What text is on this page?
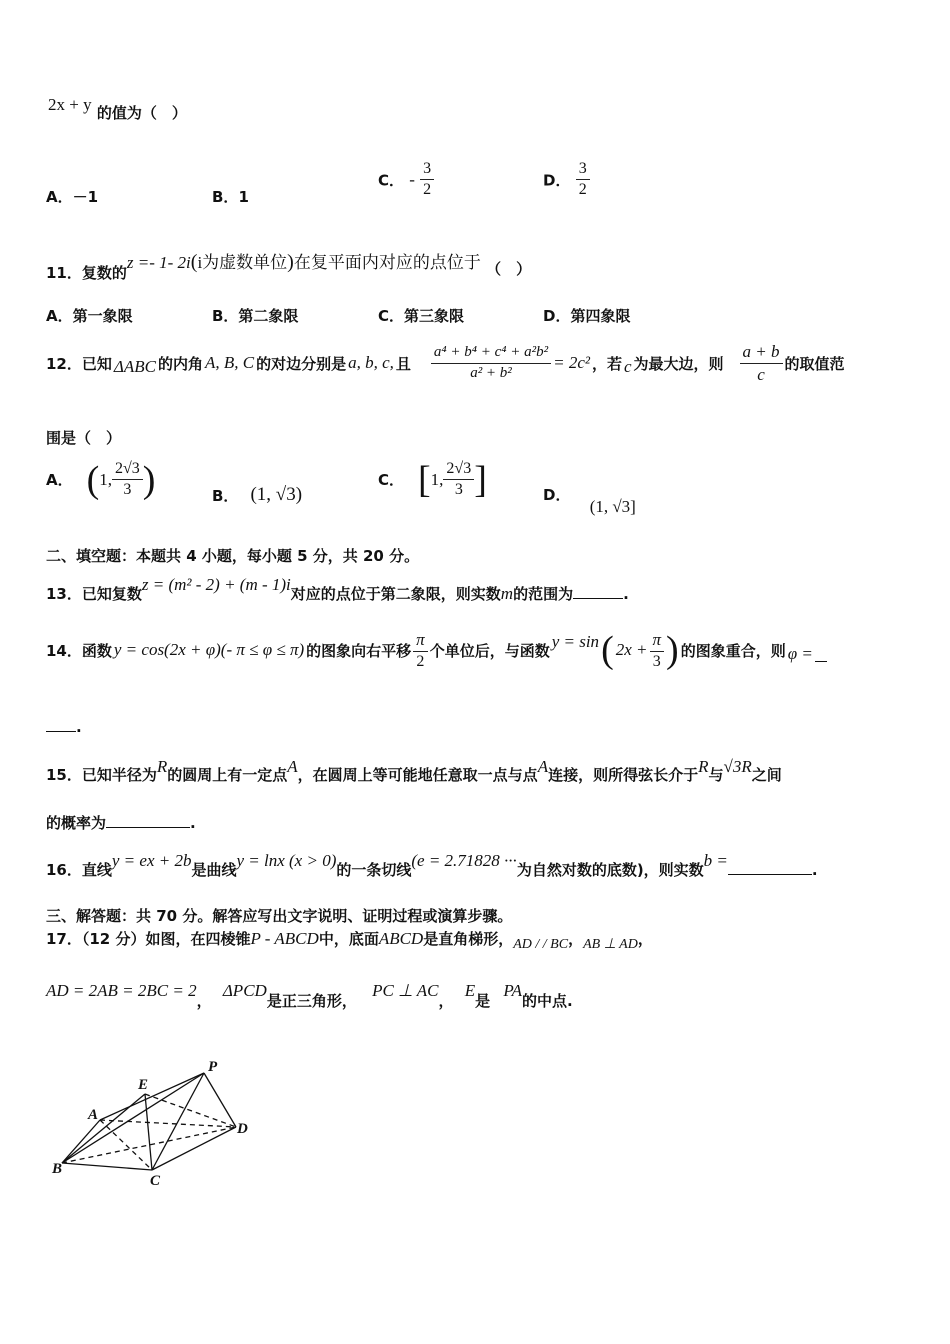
2x + y 的值为（　）
A．－1	B．1
C． - $\frac{3}{2}$	D． $\frac{3}{2}$
11．复数的z =- 1- 2i(i为虚数单位)在复平面内对应的点位于 （　）
A．第一象限	B．第二象限	C．第三象限	D．第四象限
12．已知 ΔABC 的内角 A, B, C 的对边分别是 a, b, c, 且 $\frac{\text{a⁴ + b⁴ + c⁴ + a²b²}}{\text{a² + b²}} = 2c^2$ ，若 c 为最大边，则 $\frac{a + b}{c}$ 的取值范
围是（　）
A． ( 1, $\frac{2√3}{3}$ )	B． (1, √3)
C． [ 1, $\frac{2√3}{3}$ ]	D． (1, √3]
二、填空题：本题共 4 小题，每小题 5 分，共 20 分。
13．已知复数z = (m² - 2) + (m - 1)i对应的点位于第二象限，则实数m的范围为	.
14．函数 y = cos(2x + φ)(- π ≤ φ ≤ π) 的图象向右平移 $\frac{\pi}{2}$ 个单位后，与函数 y = sin ( $2x + \frac{\pi}{3}$ ) 的图象重合，则 φ =
.
15．已知半径为R的圆周上有一定点A，在圆周上等可能地任意取一点与点A连接，则所得弦长介于R与√3R之间
的概率为	.
16．直线y = ex + 2b是曲线y = lnx (x > 0)的一条切线(e = 2.71828 ···为自然对数的底数)，则实数b =	.
三、解答题：共 70 分。解答应写出文字说明、证明过程或演算步骤。
17．（12 分）如图，在四棱锥P - ABCD中，底面ABCD是直角梯形，AD / / BC，AB ⊥ AD，
AD = 2AB = 2BC = 2， ΔPCD是正三角形， PC ⊥ AC， E是 PA的中点.
P
E
A
D
B
C
